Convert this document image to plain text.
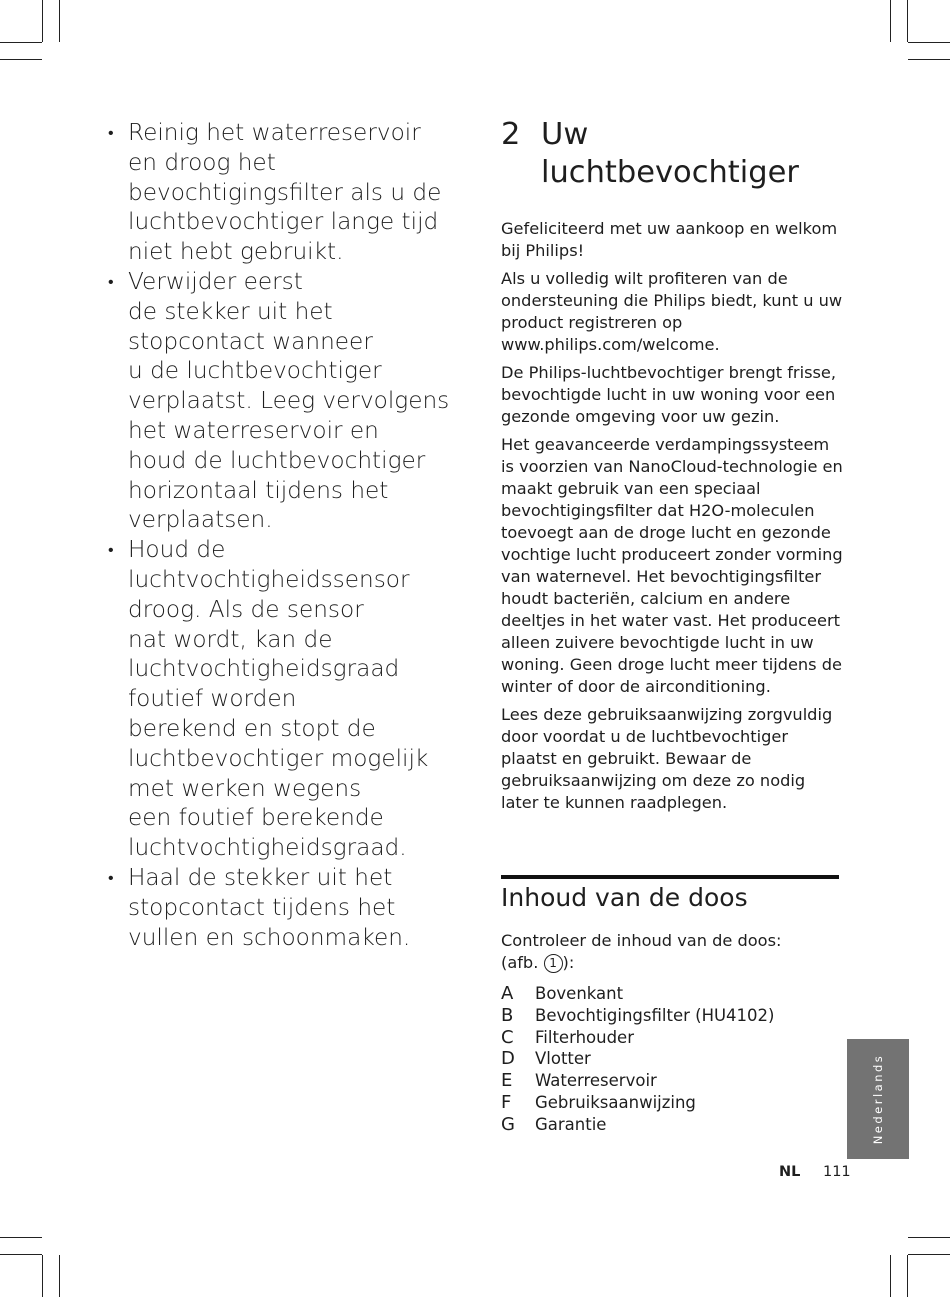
• Reinig het waterreservoir
en droog het
bevochtigingsfilter als u de
luchtbevochtiger lange tijd
niet hebt gebruikt.
• Verwijder eerst
de stekker uit het
stopcontact wanneer
u de luchtbevochtiger
verplaatst. Leeg vervolgens
het waterreservoir en
houd de luchtbevochtiger
horizontaal tijdens het
verplaatsen.
• Houd de
luchtvochtigheidssensor
droog. Als de sensor
nat wordt, kan de
luchtvochtigheidsgraad
foutief worden
berekend en stopt de
luchtbevochtiger mogelijk
met werken wegens
een foutief berekende
luchtvochtigheidsgraad.
• Haal de stekker uit het
stopcontact tijdens het
vullen en schoonmaken.
2 Uw
luchtbevochtiger

Gefeliciteerd met uw aankoop en welkom bij Philips!

Als u volledig wilt profiteren van de ondersteuning die Philips biedt, kunt u uw product registreren op www.philips.com/welcome.

De Philips-luchtbevochtiger brengt frisse, bevochtigde lucht in uw woning voor een gezonde omgeving voor uw gezin.

Het geavanceerde verdampingssysteem is voorzien van NanoCloud-technologie en maakt gebruik van een speciaal bevochtigingsfilter dat H2O-moleculen toevoegt aan de droge lucht en gezonde vochtige lucht produceert zonder vorming van waternevel. Het bevochtigingsfilter houdt bacteriën, calcium en andere deeltjes in het water vast. Het produceert alleen zuivere bevochtigde lucht in uw woning. Geen droge lucht meer tijdens de winter of door de airconditioning.

Lees deze gebruiksaanwijzing zorgvuldig door voordat u de luchtbevochtiger plaatst en gebruikt. Bewaar de gebruiksaanwijzing om deze zo nodig later te kunnen raadplegen.

Inhoud van de doos
Controleer de inhoud van de doos:
(afb. 1 ):
A Bovenkant
B Bevochtigingsfilter (HU4102)
C Filterhouder
D Vlotter
E Waterreservoir
F Gebruiksaanwijzing
G Garantie	Nederlands
NL 111
